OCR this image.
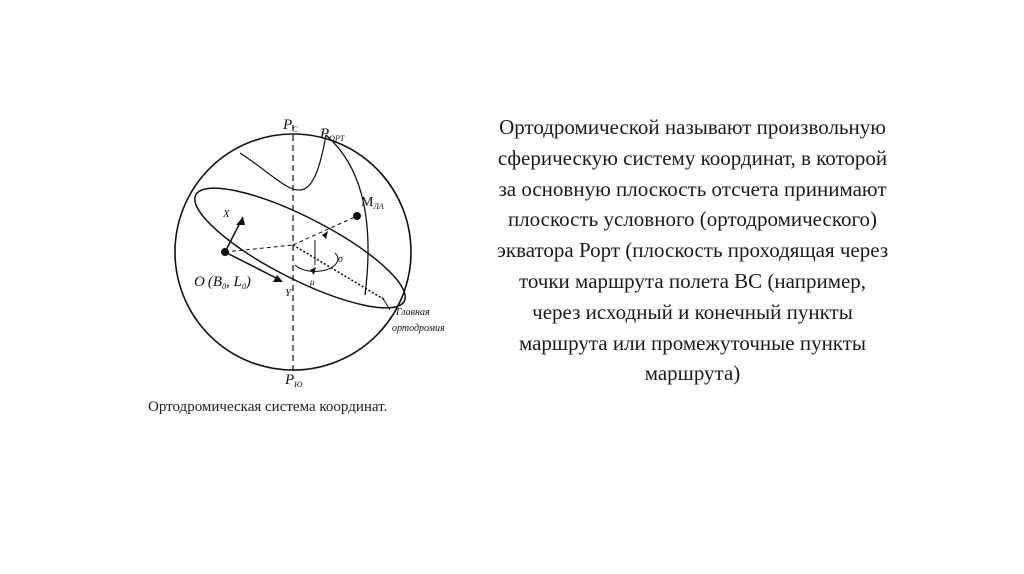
$P_C$ $P_{ОРТ}$
$P_Ю$
$M_{ЛА}$
X
Y
O ($B_0$, $L_0$)
σ
μ
Главная
ортодромия
Ортодромическая система координат.
Ортодромической называют произвольную сферическую систему координат, в которой за основную плоскость отсчета принимают плоскость условного (ортодромического) экватора Рорт (плоскость проходящая через точки маршрута полета ВС (например, через исходный и конечный пункты маршрута или промежуточные пункты маршрута)
